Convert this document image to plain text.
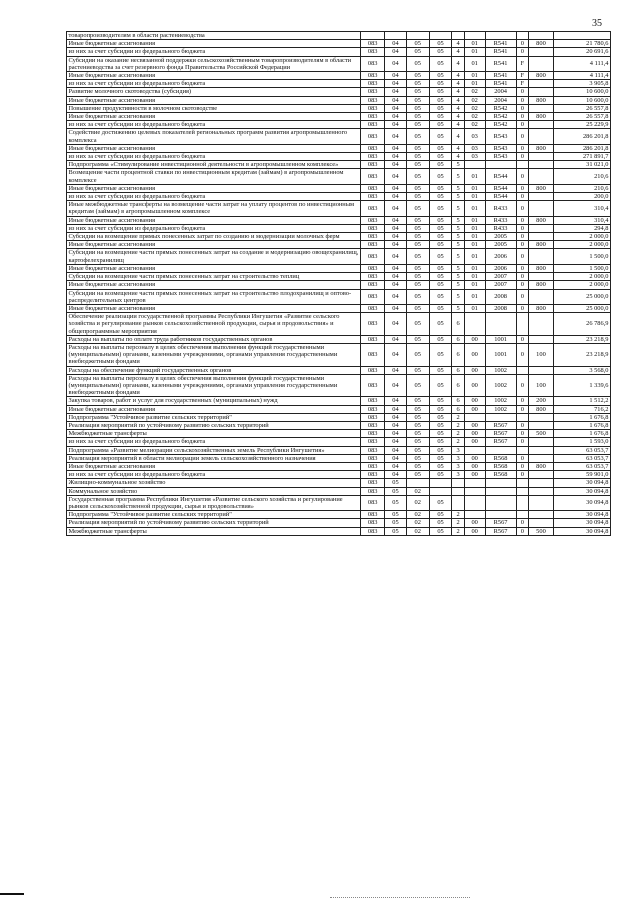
35
товаропроизводителям в области растениеводства										
Иные бюджетные ассигнования	083	04	05	05	4	01	R541	0	800	21 780,6
из них за счет субсидии из федерального бюджета	083	04	05	05	4	01	R541	0		20 691,6
Субсидии на оказание несвязанной поддержки сельскохозяйственным товаропроизводителям в области растениеводства за счет резервного фонда Правительства Российской Федерации	083	04	05	05	4	01	R541	F		4 111,4
Иные бюджетные ассигнования	083	04	05	05	4	01	R541	F	800	4 111,4
из них за счет субсидии из федерального бюджета	083	04	05	05	4	01	R541	F		3 905,8
Развитие молочного скотоводства (субсидия)	083	04	05	05	4	02	2004	0		10 600,0
Иные бюджетные ассигнования	083	04	05	05	4	02	2004	0	800	10 600,0
Повышение продуктивности в молочном скотоводстве	083	04	05	05	4	02	R542	0		26 557,8
Иные бюджетные ассигнования	083	04	05	05	4	02	R542	0	800	26 557,8
из них за счет субсидии из федерального бюджета	083	04	05	05	4	02	R542	0		25 229,9
Содействие достижению целевых показателей региональных программ развития агропромышленного комплекса	083	04	05	05	4	03	R543	0		286 201,8
Иные бюджетные ассигнования	083	04	05	05	4	03	R543	0	800	286 201,8
из них за счет субсидии из федерального бюджета	083	04	05	05	4	03	R543	0		271 891,7
Подпрограмма «Стимулирование инвестиционной деятельности в агропромышленном комплексе»	083	04	05	05	5					31 021,0
Возмещение части процентной ставки по инвестиционным кредитам (займам) в агропромышленном комплексе	083	04	05	05	5	01	R544	0		210,6
Иные бюджетные ассигнования	083	04	05	05	5	01	R544	0	800	210,6
из них за счет субсидии из федерального бюджета	083	04	05	05	5	01	R544	0		200,0
Иные межбюджетные трансферты на возмещение части затрат на уплату процентов по инвестиционным кредитам (займам) в агропромышленном комплексе	083	04	05	05	5	01	R433	0		310,4
Иные бюджетные ассигнования	083	04	05	05	5	01	R433	0	800	310,4
из них за счет субсидии из федерального бюджета	083	04	05	05	5	01	R433	0		294,8
Субсидии на возмещение прямых понесенных затрат по созданию и модернизации молочных ферм	083	04	05	05	5	01	2005	0		2 000,0
Иные бюджетные ассигнования	083	04	05	05	5	01	2005	0	800	2 000,0
Субсидии на возмещение части прямых понесенных затрат на создание и модернизацию овощехранилищ, картофелехранилищ	083	04	05	05	5	01	2006	0		1 500,0
Иные бюджетные ассигнования	083	04	05	05	5	01	2006	0	800	1 500,0
Субсидии на возмещение части прямых понесенных затрат на строительство теплиц	083	04	05	05	5	01	2007	0		2 000,0
Иные бюджетные ассигнования	083	04	05	05	5	01	2007	0	800	2 000,0
Субсидии на возмещение части прямых понесенных затрат на строительство плодохранилищ и оптово-распределительных центров	083	04	05	05	5	01	2008	0		25 000,0
Иные бюджетные ассигнования	083	04	05	05	5	01	2008	0	800	25 000,0
Обеспечение реализации государственной программы Республики Ингушетия «Развитие сельского хозяйства и регулирование рынков сельскохозяйственной продукции, сырья и продовольствия» и общепрограммные мероприятия	083	04	05	05	6					26 786,9
Расходы на выплаты по оплате труда работников государственных органов	083	04	05	05	6	00	1001	0		23 218,9
Расходы на выплаты персоналу в целях обеспечения выполнения функций государственными (муниципальными) органами, казенными учреждениями, органами управления государственными внебюджетными фондами	083	04	05	05	6	00	1001	0	100	23 218,9
Расходы на обеспечение функций государственных органов	083	04	05	05	6	00	1002			3 568,0
Расходы на выплаты персоналу в целях обеспечения выполнения функций государственными (муниципальными) органами, казенными учреждениями, органами управления государственными внебюджетными фондами	083	04	05	05	6	00	1002	0	100	1 339,6
Закупка товаров, работ и услуг для государственных (муниципальных) нужд	083	04	05	05	6	00	1002	0	200	1 512,2
Иные бюджетные ассигнования	083	04	05	05	6	00	1002	0	800	716,2
Подпрограмма "Устойчивое развитие сельских территорий"	083	04	05	05	2					1 676,8
Реализация мероприятий по устойчивому развитию сельских территорий	083	04	05	05	2	00	R567	0		1 676,8
Межбюджетные трансферты	083	04	05	05	2	00	R567	0	500	1 676,8
из них за счет субсидии из федерального бюджета	083	04	05	05	2	00	R567	0		1 593,0
Подпрограмма «Развитие мелиорации сельскохозяйственных земель Республики Ингушетия»	083	04	05	05	3					63 053,7
Реализация мероприятий в области мелиорации земель сельскохозяйственного назначения	083	04	05	05	3	00	R568	0		63 053,7
Иные бюджетные ассигнования	083	04	05	05	3	00	R568	0	800	63 053,7
из них за счет субсидии из федерального бюджета	083	04	05	05	3	00	R568	0		59 901,0
Жилищно-коммунальное хозяйство	083	05								30 094,8
Коммунальное хозяйство	083	05	02							30 094,8
Государственная программа Республики Ингушетия «Развитие сельского хозяйства и регулирование рынков сельскохозяйственной продукции, сырья и продовольствия»	083	05	02	05						30 094,8
Подпрограмма "Устойчивое развитие сельских территорий"	083	05	02	05	2					30 094,8
Реализация мероприятий по устойчивому развитию сельских территорий	083	05	02	05	2	00	R567	0		30 094,8
Межбюджетные трансферты	083	05	02	05	2	00	R567	0	500	30 094,8
